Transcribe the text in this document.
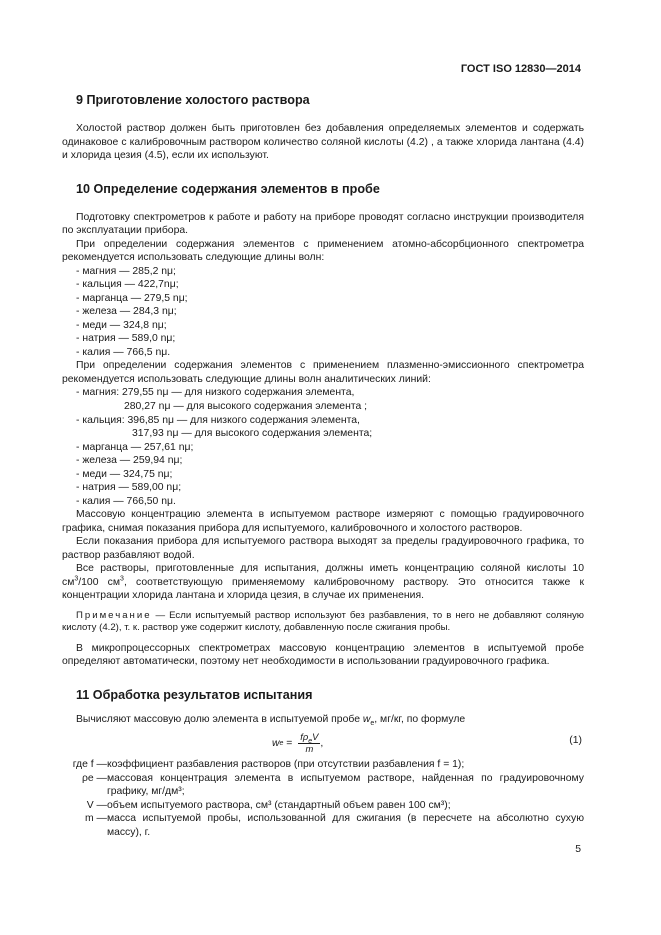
ГОСТ ISO 12830—2014
9 Приготовление холостого раствора

Холостой раствор должен быть приготовлен без добавления определяемых элементов и содержать одинаковое с калибровочным раствором количество соляной кислоты (4.2) , а также хлорида лантана (4.4) и хлорида цезия (4.5), если их используют.

10 Определение содержания элементов в пробе

Подготовку спектрометров к работе и работу на приборе проводят согласно инструкции производителя по эксплуатации прибора.

При определении содержания элементов с применением атомно-абсорбционного спектрометра рекомендуется использовать следующие длины волн:

- магния — 285,2 nμ;

- кальция — 422,7nμ;

- марганца — 279,5 nμ;

- железа — 284,3 nμ;

- меди — 324,8 nμ;

- натрия — 589,0 nμ;

- калия — 766,5 nμ.

При определении содержания элементов с применением плазменно-эмиссионного спектрометра рекомендуется использовать следующие длины волн аналитических линий:

- магния: 279,55 nμ — для низкого содержания элемента,

280,27 nμ — для высокого содержания элемента ;

- кальция: 396,85 nμ — для низкого содержания элемента,

317,93 nμ — для высокого содержания элемента;

- марганца — 257,61 nμ;

- железа — 259,94 nμ;

- меди — 324,75 nμ;

- натрия — 589,00 nμ;

- калия — 766,50 nμ.

Массовую концентрацию элемента в испытуемом растворе измеряют с помощью градуировочного графика, снимая показания прибора для испытуемого, калибровочного и холостого растворов.

Если показания прибора для испытуемого раствора выходят за пределы градуировочного графика, то раствор разбавляют водой.

Все растворы, приготовленные для испытания, должны иметь концентрацию соляной кислоты 10 $см^3/100$ $см^3$, соответствующую применяемому калибровочному раствору. Это относится также к концентрации хлорида лантана и хлорида цезия, в случае их применения.

Примечание — Если испытуемый раствор используют без разбавления, то в него не добавляют соляную кислоту (4.2), т. к. раствор уже содержит кислоту, добавленную после сжигания пробы.

В микропроцессорных спектрометрах массовую концентрацию элементов в испытуемой пробе определяют автоматически, поэтому нет необходимости в использовании градуировочного графика.

11 Обработка результатов испытания

Вычисляют массовую долю элемента в испытуемой пробе $w_e$, мг/кг, по формуле

w $e = \frac{f\rho_eV}{m}$ ,	(1)
где f —	коэффициент разбавления растворов (при отсутствии разбавления f = 1);
ρe —	массовая концентрация элемента в испытуемом растворе, найденная по градуировочному графику, мг/дм³;
V —	объем испытуемого раствора, см³ (стандартный объем равен 100 см³);
m —	масса испытуемой пробы, использованной для сжигания (в пересчете на абсолютно сухую массу), г.
5
